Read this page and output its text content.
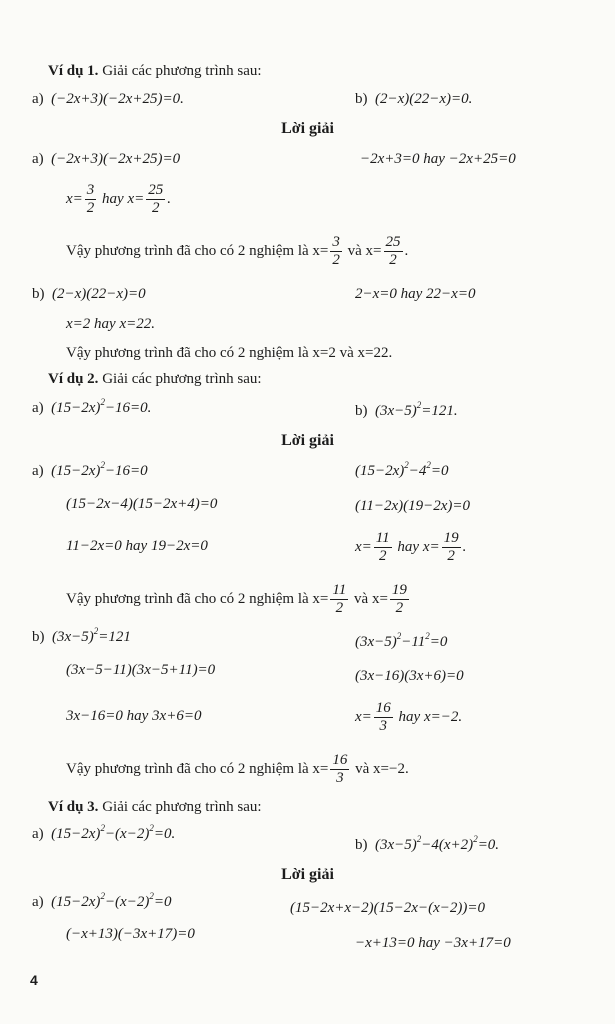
Ví dụ 1. Giải các phương trình sau:
a) (−2x+3)(−2x+25)=0.	b) (2−x)(22−x)=0.
Lời giải
a) (−2x+3)(−2x+25)=0	−2x+3=0 hay −2x+25=0
$x= \frac{3}{2}$ hay $x= \frac{25}{2}$ .
Vậy phương trình đã cho có 2 nghiệm là $x= \frac{3}{2}$ và $x= \frac{25}{2}$ .
b) (2−x)(22−x)=0	2−x=0 hay 22−x=0
x=2 hay x=22.
Vậy phương trình đã cho có 2 nghiệm là x=2 và x=22.
Ví dụ 2. Giải các phương trình sau:
a) $(15-2x)^2-16=0$.	b) $(3x-5)^2=121$.
Lời giải
a) $(15-2x)^2-16=0$	$(15-2x)^2-4^2=0$
(15−2x−4)(15−2x+4)=0	(11−2x)(19−2x)=0
11−2x=0 hay 19−2x=0	$x= \frac{11}{2}$ hay $x= \frac{19}{2}$ .
Vậy phương trình đã cho có 2 nghiệm là $x= \frac{11}{2}$ và $x= \frac{19}{2}$
b) $(3x-5)^2=121$	$(3x-5)^2-11^2=0$
(3x−5−11)(3x−5+11)=0	(3x−16)(3x+6)=0
3x−16=0 hay 3x+6=0	$x= \frac{16}{3}$ hay x=−2.
Vậy phương trình đã cho có 2 nghiệm là $x= \frac{16}{3}$ và x=−2.
Ví dụ 3. Giải các phương trình sau:
a) $(15-2x)^2-(x-2)^2=0$.
b) $(3x-5)^2-4(x+2)^2=0$.
Lời giải
a) $(15-2x)^2-(x-2)^2=0$	(15−2x+x−2)(15−2x−(x−2))=0
(−x+13)(−3x+17)=0
−x+13=0 hay −3x+17=0
4
